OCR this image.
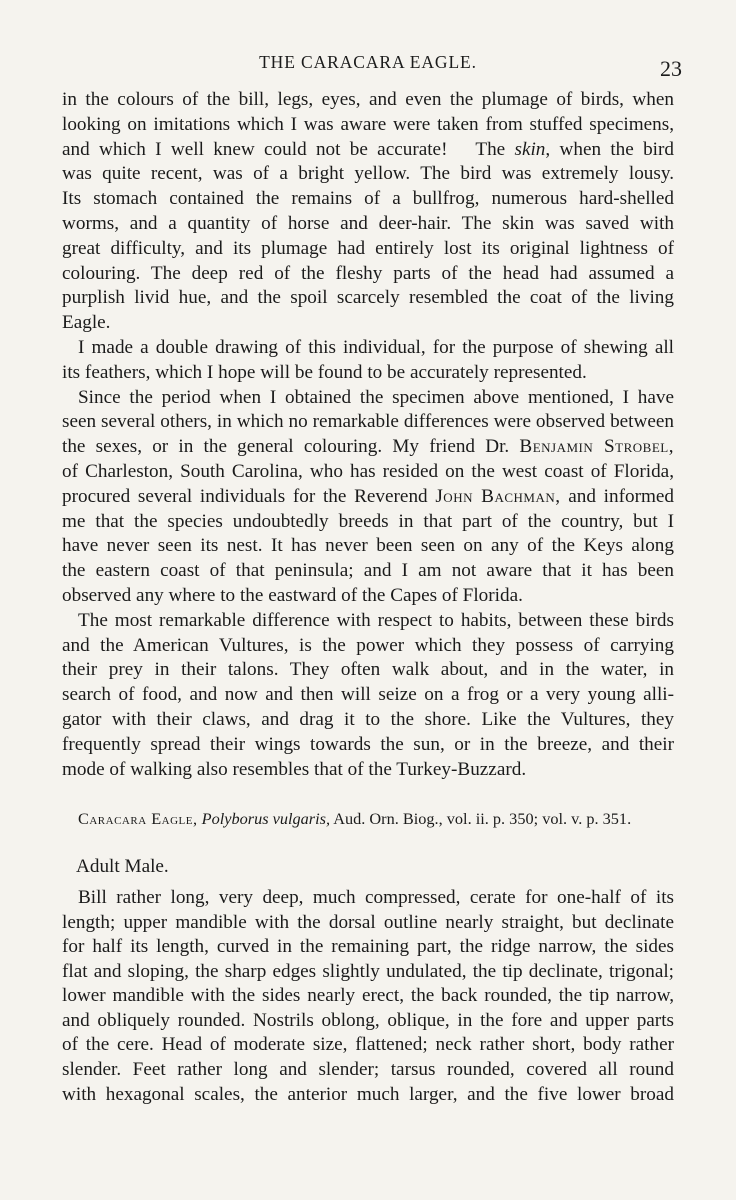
THE CARACARA EAGLE.	23
in the colours of the bill, legs, eyes, and even the plumage of birds, when
looking on imitations which I was aware were taken from stuffed specimens,
and which I well knew could not be accurate! The skin, when the bird
was quite recent, was of a bright yellow. The bird was extremely lousy.
Its stomach contained the remains of a bullfrog, numerous hard-shelled
worms, and a quantity of horse and deer-hair. The skin was saved with
great difficulty, and its plumage had entirely lost its original lightness of
colouring. The deep red of the fleshy parts of the head had assumed a
purplish livid hue, and the spoil scarcely resembled the coat of the living
Eagle.
I made a double drawing of this individual, for the purpose of shewing all
its feathers, which I hope will be found to be accurately represented.
Since the period when I obtained the specimen above mentioned, I have
seen several others, in which no remarkable differences were observed between
the sexes, or in the general colouring. My friend Dr. Benjamin Strobel,
of Charleston, South Carolina, who has resided on the west coast of Florida,
procured several individuals for the Reverend John Bachman, and informed
me that the species undoubtedly breeds in that part of the country, but I
have never seen its nest. It has never been seen on any of the Keys along
the eastern coast of that peninsula; and I am not aware that it has been
observed any where to the eastward of the Capes of Florida.
The most remarkable difference with respect to habits, between these birds
and the American Vultures, is the power which they possess of carrying
their prey in their talons. They often walk about, and in the water, in
search of food, and now and then will seize on a frog or a very young alli-
gator with their claws, and drag it to the shore. Like the Vultures, they
frequently spread their wings towards the sun, or in the breeze, and their
mode of walking also resembles that of the Turkey-Buzzard.
Caracara Eagle, Polyborus vulgaris, Aud. Orn. Biog., vol. ii. p. 350; vol. v. p. 351.
Adult Male.
Bill rather long, very deep, much compressed, cerate for one-half of its
length; upper mandible with the dorsal outline nearly straight, but declinate
for half its length, curved in the remaining part, the ridge narrow, the sides
flat and sloping, the sharp edges slightly undulated, the tip declinate, trigonal;
lower mandible with the sides nearly erect, the back rounded, the tip narrow,
and obliquely rounded. Nostrils oblong, oblique, in the fore and upper parts
of the cere. Head of moderate size, flattened; neck rather short, body rather
slender. Feet rather long and slender; tarsus rounded, covered all round
with hexagonal scales, the anterior much larger, and the five lower broad
